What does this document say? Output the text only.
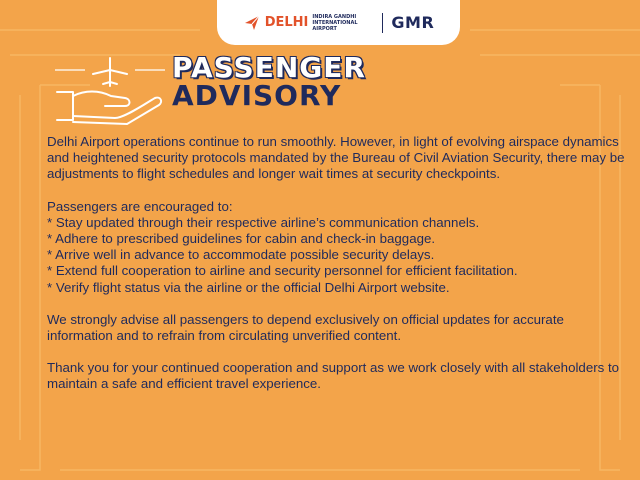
DELHI INDIRA GANDHI INTERNATIONAL AIRPORT	GMR
PASSENGER
ADVISORY

Delhi Airport operations continue to run smoothly. However, in light of evolving airspace dynamics and heightened security protocols mandated by the Bureau of Civil Aviation Security, there may be adjustments to flight schedules and longer wait times at security checkpoints.

Passengers are encouraged to:
* Stay updated through their respective airline’s communication channels.
* Adhere to prescribed guidelines for cabin and check-in baggage.
* Arrive well in advance to accommodate possible security delays.
* Extend full cooperation to airline and security personnel for efficient facilitation.
* Verify flight status via the airline or the official Delhi Airport website.

We strongly advise all passengers to depend exclusively on official updates for accurate information and to refrain from circulating unverified content.

Thank you for your continued cooperation and support as we work closely with all stakeholders to maintain a safe and efficient travel experience.
